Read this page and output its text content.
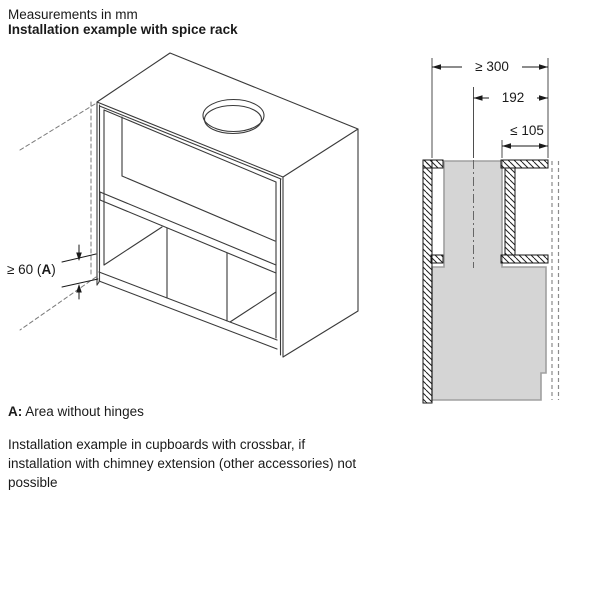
Measurements in mm
Installation example with spice rack
≥ 60 (A)
≥ 300
192
≤ 105
A: Area without hinges
Installation example in cupboards with crossbar, if installation with chimney extension (other accessories) not possible
